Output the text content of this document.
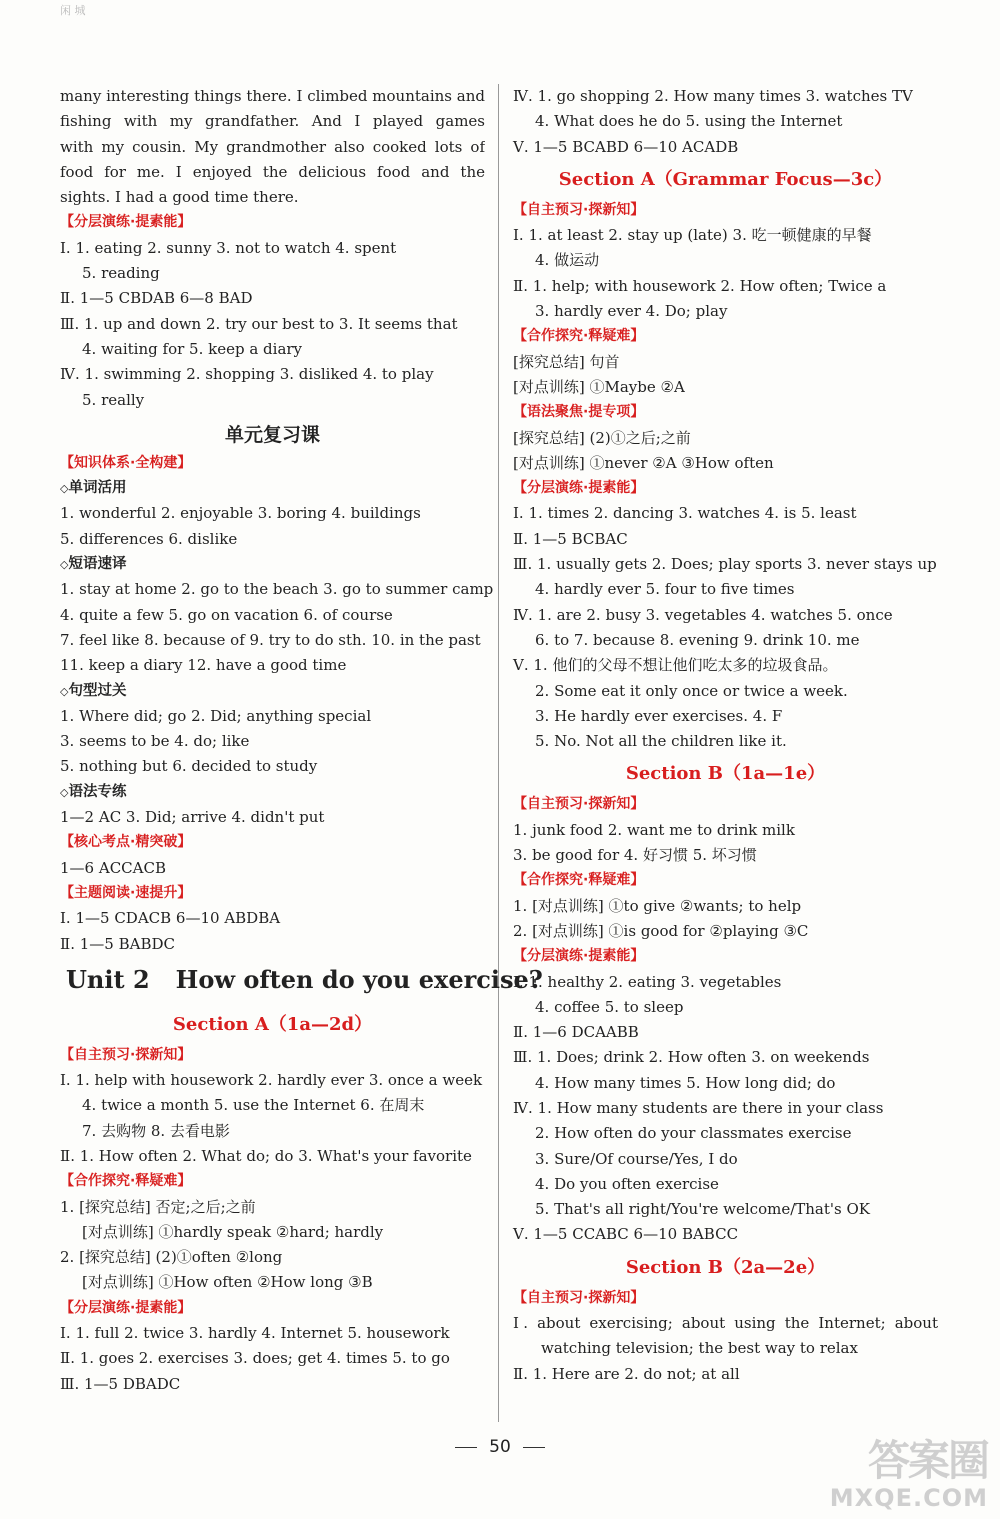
闲 城
many interesting things there. I climbed mountains and
fishing with my grandfather. And I played games
with my cousin. My grandmother also cooked lots of
food for me. I enjoyed the delicious food and the
sights. I had a good time there.
【分层演练·提素能】
Ⅰ. 1. eating 2. sunny 3. not to watch 4. spent
5. reading
Ⅱ. 1—5 CBDAB 6—8 BAD
Ⅲ. 1. up and down 2. try our best to 3. It seems that
4. waiting for 5. keep a diary
Ⅳ. 1. swimming 2. shopping 3. disliked 4. to play
5. really
单元复习课
【知识体系·全构建】
◇单词活用
1. wonderful 2. enjoyable 3. boring 4. buildings
5. differences 6. dislike
◇短语速译
1. stay at home 2. go to the beach 3. go to summer camp
4. quite a few 5. go on vacation 6. of course
7. feel like 8. because of 9. try to do sth. 10. in the past
11. keep a diary 12. have a good time
◇句型过关
1. Where did; go 2. Did; anything special
3. seems to be 4. do; like
5. nothing but 6. decided to study
◇语法专练
1—2 AC 3. Did; arrive 4. didn't put
【核心考点·精突破】
1—6 ACCACB
【主题阅读·速提升】
Ⅰ. 1—5 CDACB 6—10 ABDBA
Ⅱ. 1—5 BABDC
Unit 2 How often do you exercise?
Section A（1a—2d）
【自主预习·探新知】
Ⅰ. 1. help with housework 2. hardly ever 3. once a week
4. twice a month 5. use the Internet 6. 在周末
7. 去购物 8. 去看电影
Ⅱ. 1. How often 2. What do; do 3. What's your favorite
【合作探究·释疑难】
1. [探究总结] 否定;之后;之前
[对点训练] ①hardly speak ②hard; hardly
2. [探究总结] (2)①often ②long
[对点训练] ①How often ②How long ③B
【分层演练·提素能】
Ⅰ. 1. full 2. twice 3. hardly 4. Internet 5. housework
Ⅱ. 1. goes 2. exercises 3. does; get 4. times 5. to go
Ⅲ. 1—5 DBADC
Ⅳ. 1. go shopping 2. How many times 3. watches TV
4. What does he do 5. using the Internet
Ⅴ. 1—5 BCABD 6—10 ACADB
Section A（Grammar Focus—3c）
【自主预习·探新知】
Ⅰ. 1. at least 2. stay up (late) 3. 吃一顿健康的早餐
4. 做运动
Ⅱ. 1. help; with housework 2. How often; Twice a
3. hardly ever 4. Do; play
【合作探究·释疑难】
[探究总结] 句首
[对点训练] ①Maybe ②A
【语法聚焦·提专项】
[探究总结] (2)①之后;之前
[对点训练] ①never ②A ③How often
【分层演练·提素能】
Ⅰ. 1. times 2. dancing 3. watches 4. is 5. least
Ⅱ. 1—5 BCBAC
Ⅲ. 1. usually gets 2. Does; play sports 3. never stays up
4. hardly ever 5. four to five times
Ⅳ. 1. are 2. busy 3. vegetables 4. watches 5. once
6. to 7. because 8. evening 9. drink 10. me
Ⅴ. 1. 他们的父母不想让他们吃太多的垃圾食品。
2. Some eat it only once or twice a week.
3. He hardly ever exercises. 4. F
5. No. Not all the children like it.
Section B（1a—1e）
【自主预习·探新知】
1. junk food 2. want me to drink milk
3. be good for 4. 好习惯 5. 坏习惯
【合作探究·释疑难】
1. [对点训练] ①to give ②wants; to help
2. [对点训练] ①is good for ②playing ③C
【分层演练·提素能】
Ⅰ. 1. healthy 2. eating 3. vegetables
4. coffee 5. to sleep
Ⅱ. 1—6 DCAABB
Ⅲ. 1. Does; drink 2. How often 3. on weekends
4. How many times 5. How long did; do
Ⅳ. 1. How many students are there in your class
2. How often do your classmates exercise
3. Sure/Of course/Yes, I do
4. Do you often exercise
5. That's all right/You're welcome/That's OK
Ⅴ. 1—5 CCABC 6—10 BABCC
Section B（2a—2e）
【自主预习·探新知】
Ⅰ. about exercising; about using the Internet; about
watching television; the best way to relax
Ⅱ. 1. Here are 2. do not; at all
50	答案圈
MXQE.COM
